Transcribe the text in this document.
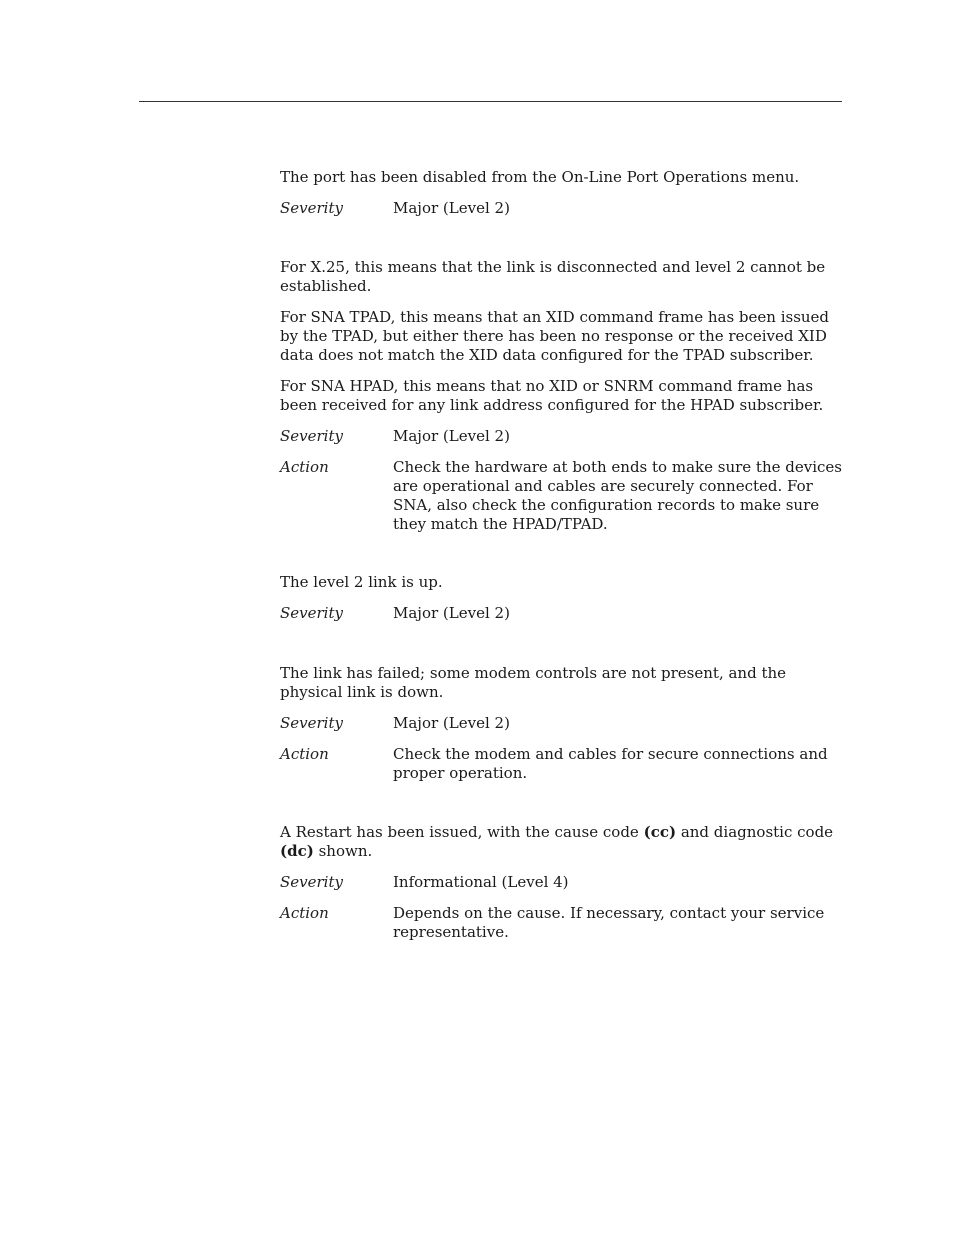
The port has been disabled from the On-Line Port Operations menu.

Severity	Major (Level 2)

For X.25, this means that the link is disconnected and level 2 cannot be established.

For SNA TPAD, this means that an XID command frame has been issued by the TPAD, but either there has been no response or the received XID data does not match the XID data configured for the TPAD subscriber.

For SNA HPAD, this means that no XID or SNRM command frame has been received for any link address configured for the HPAD subscriber.

Severity	Major (Level 2)
Action	Check the hardware at both ends to make sure the devices are operational and cables are securely connected. For SNA, also check the configuration records to make sure they match the HPAD/TPAD.

The level 2 link is up.

Severity	Major (Level 2)

The link has failed; some modem controls are not present, and the physical link is down.

Severity	Major (Level 2)
Action	Check the modem and cables for secure connections and proper operation.

A Restart has been issued, with the cause code (cc) and diagnostic code (dc) shown.

Severity	Informational (Level 4)
Action	Depends on the cause. If necessary, contact your service representative.
